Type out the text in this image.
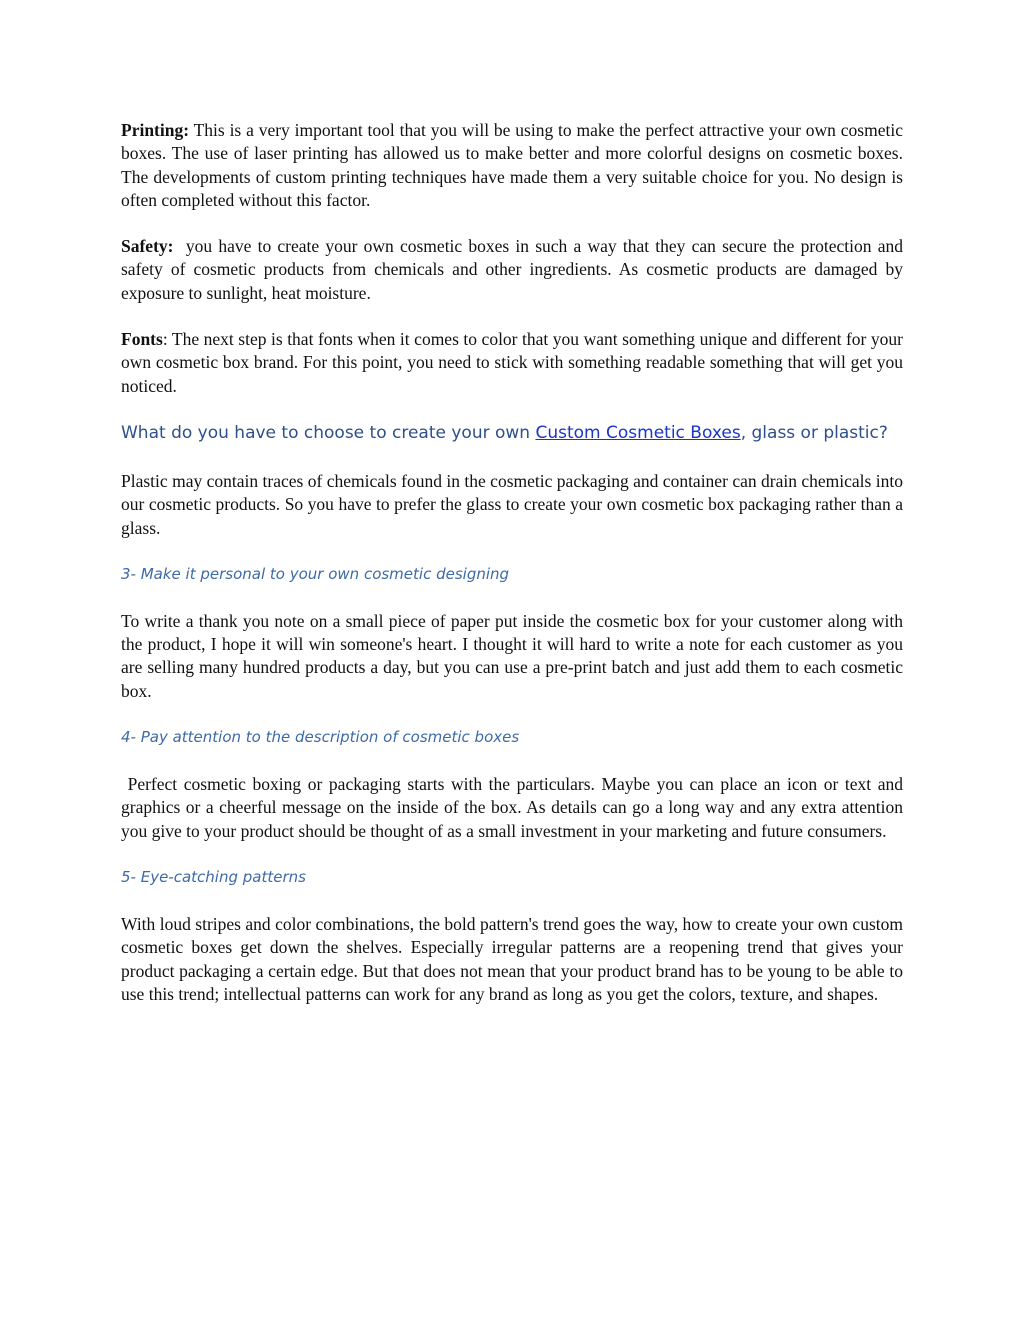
Printing: This is a very important tool that you will be using to make the perfect attractive your own cosmetic boxes. The use of laser printing has allowed us to make better and more colorful designs on cosmetic boxes. The developments of custom printing techniques have made them a very suitable choice for you. No design is often completed without this factor.

Safety:  you have to create your own cosmetic boxes in such a way that they can secure the protection and safety of cosmetic products from chemicals and other ingredients. As cosmetic products are damaged by exposure to sunlight, heat moisture.

Fonts: The next step is that fonts when it comes to color that you want something unique and different for your own cosmetic box brand. For this point, you need to stick with something readable something that will get you noticed.

What do you have to choose to create your own Custom Cosmetic Boxes, glass or plastic?

Plastic may contain traces of chemicals found in the cosmetic packaging and container can drain chemicals into our cosmetic products. So you have to prefer the glass to create your own cosmetic box packaging rather than a glass.

3- Make it personal to your own cosmetic designing

To write a thank you note on a small piece of paper put inside the cosmetic box for your customer along with the product, I hope it will win someone's heart. I thought it will hard to write a note for each customer as you are selling many hundred products a day, but you can use a pre-print batch and just add them to each cosmetic box.

4- Pay attention to the description of cosmetic boxes

Perfect cosmetic boxing or packaging starts with the particulars. Maybe you can place an icon or text and graphics or a cheerful message on the inside of the box. As details can go a long way and any extra attention you give to your product should be thought of as a small investment in your marketing and future consumers.

5- Eye-catching patterns

With loud stripes and color combinations, the bold pattern's trend goes the way, how to create your own custom cosmetic boxes get down the shelves. Especially irregular patterns are a reopening trend that gives your product packaging a certain edge. But that does not mean that your product brand has to be young to be able to use this trend; intellectual patterns can work for any brand as long as you get the colors, texture, and shapes.
